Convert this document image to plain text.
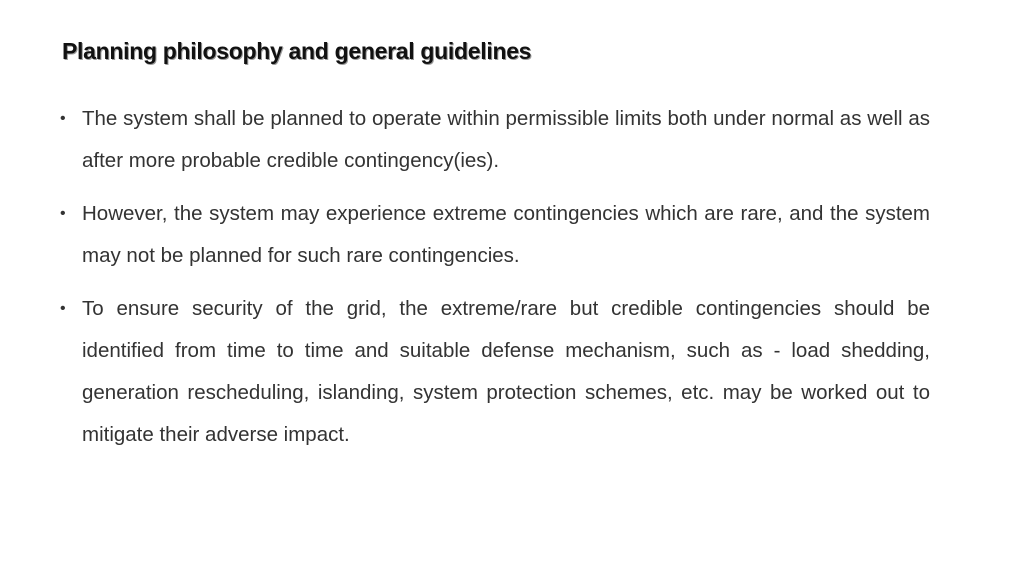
Planning philosophy and general guidelines
• The system shall be planned to operate within permissible limits both under normal as well as after more probable credible contingency(ies).
• However, the system may experience extreme contingencies which are rare, and the system may not be planned for such rare contingencies.
• To ensure security of the grid, the extreme/rare but credible contingencies should be identified from time to time and suitable defense mechanism, such as - load shedding, generation rescheduling, islanding, system protection schemes, etc. may be worked out to mitigate their adverse impact.
